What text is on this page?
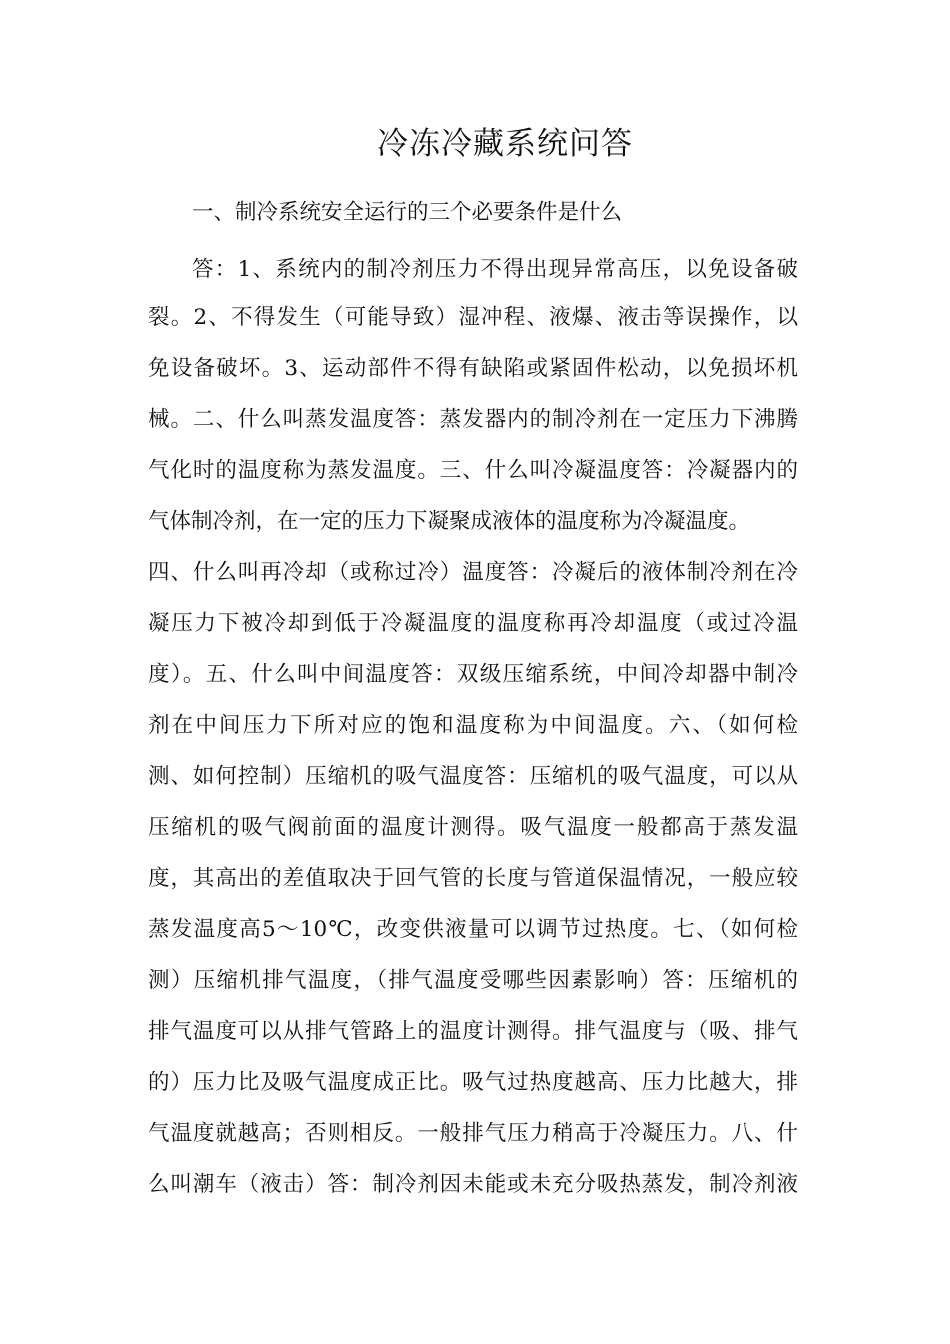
冷冻冷藏系统问答
一、制冷系统安全运行的三个必要条件是什么
答：1、系统内的制冷剂压力不得出现异常高压，以免设备破
裂。2、不得发生（可能导致）湿冲程、液爆、液击等误操作，以
免设备破坏。3、运动部件不得有缺陷或紧固件松动，以免损坏机
械。二、什么叫蒸发温度答：蒸发器内的制冷剂在一定压力下沸腾
气化时的温度称为蒸发温度。三、什么叫冷凝温度答：冷凝器内的
气体制冷剂，在一定的压力下凝聚成液体的温度称为冷凝温度。
四、什么叫再冷却（或称过冷）温度答：冷凝后的液体制冷剂在冷
凝压力下被冷却到低于冷凝温度的温度称再冷却温度（或过冷温
度）。五、什么叫中间温度答：双级压缩系统，中间冷却器中制冷
剂在中间压力下所对应的饱和温度称为中间温度。六、（如何检
测、如何控制）压缩机的吸气温度答：压缩机的吸气温度，可以从
压缩机的吸气阀前面的温度计测得。吸气温度一般都高于蒸发温
度，其高出的差值取决于回气管的长度与管道保温情况，一般应较
蒸发温度高5～10℃，改变供液量可以调节过热度。七、（如何检
测）压缩机排气温度，（排气温度受哪些因素影响）答：压缩机的
排气温度可以从排气管路上的温度计测得。排气温度与（吸、排气
的）压力比及吸气温度成正比。吸气过热度越高、压力比越大，排
气温度就越高；否则相反。一般排气压力稍高于冷凝压力。八、什
么叫潮车（液击）答：制冷剂因未能或未充分吸热蒸发，制冷剂液
